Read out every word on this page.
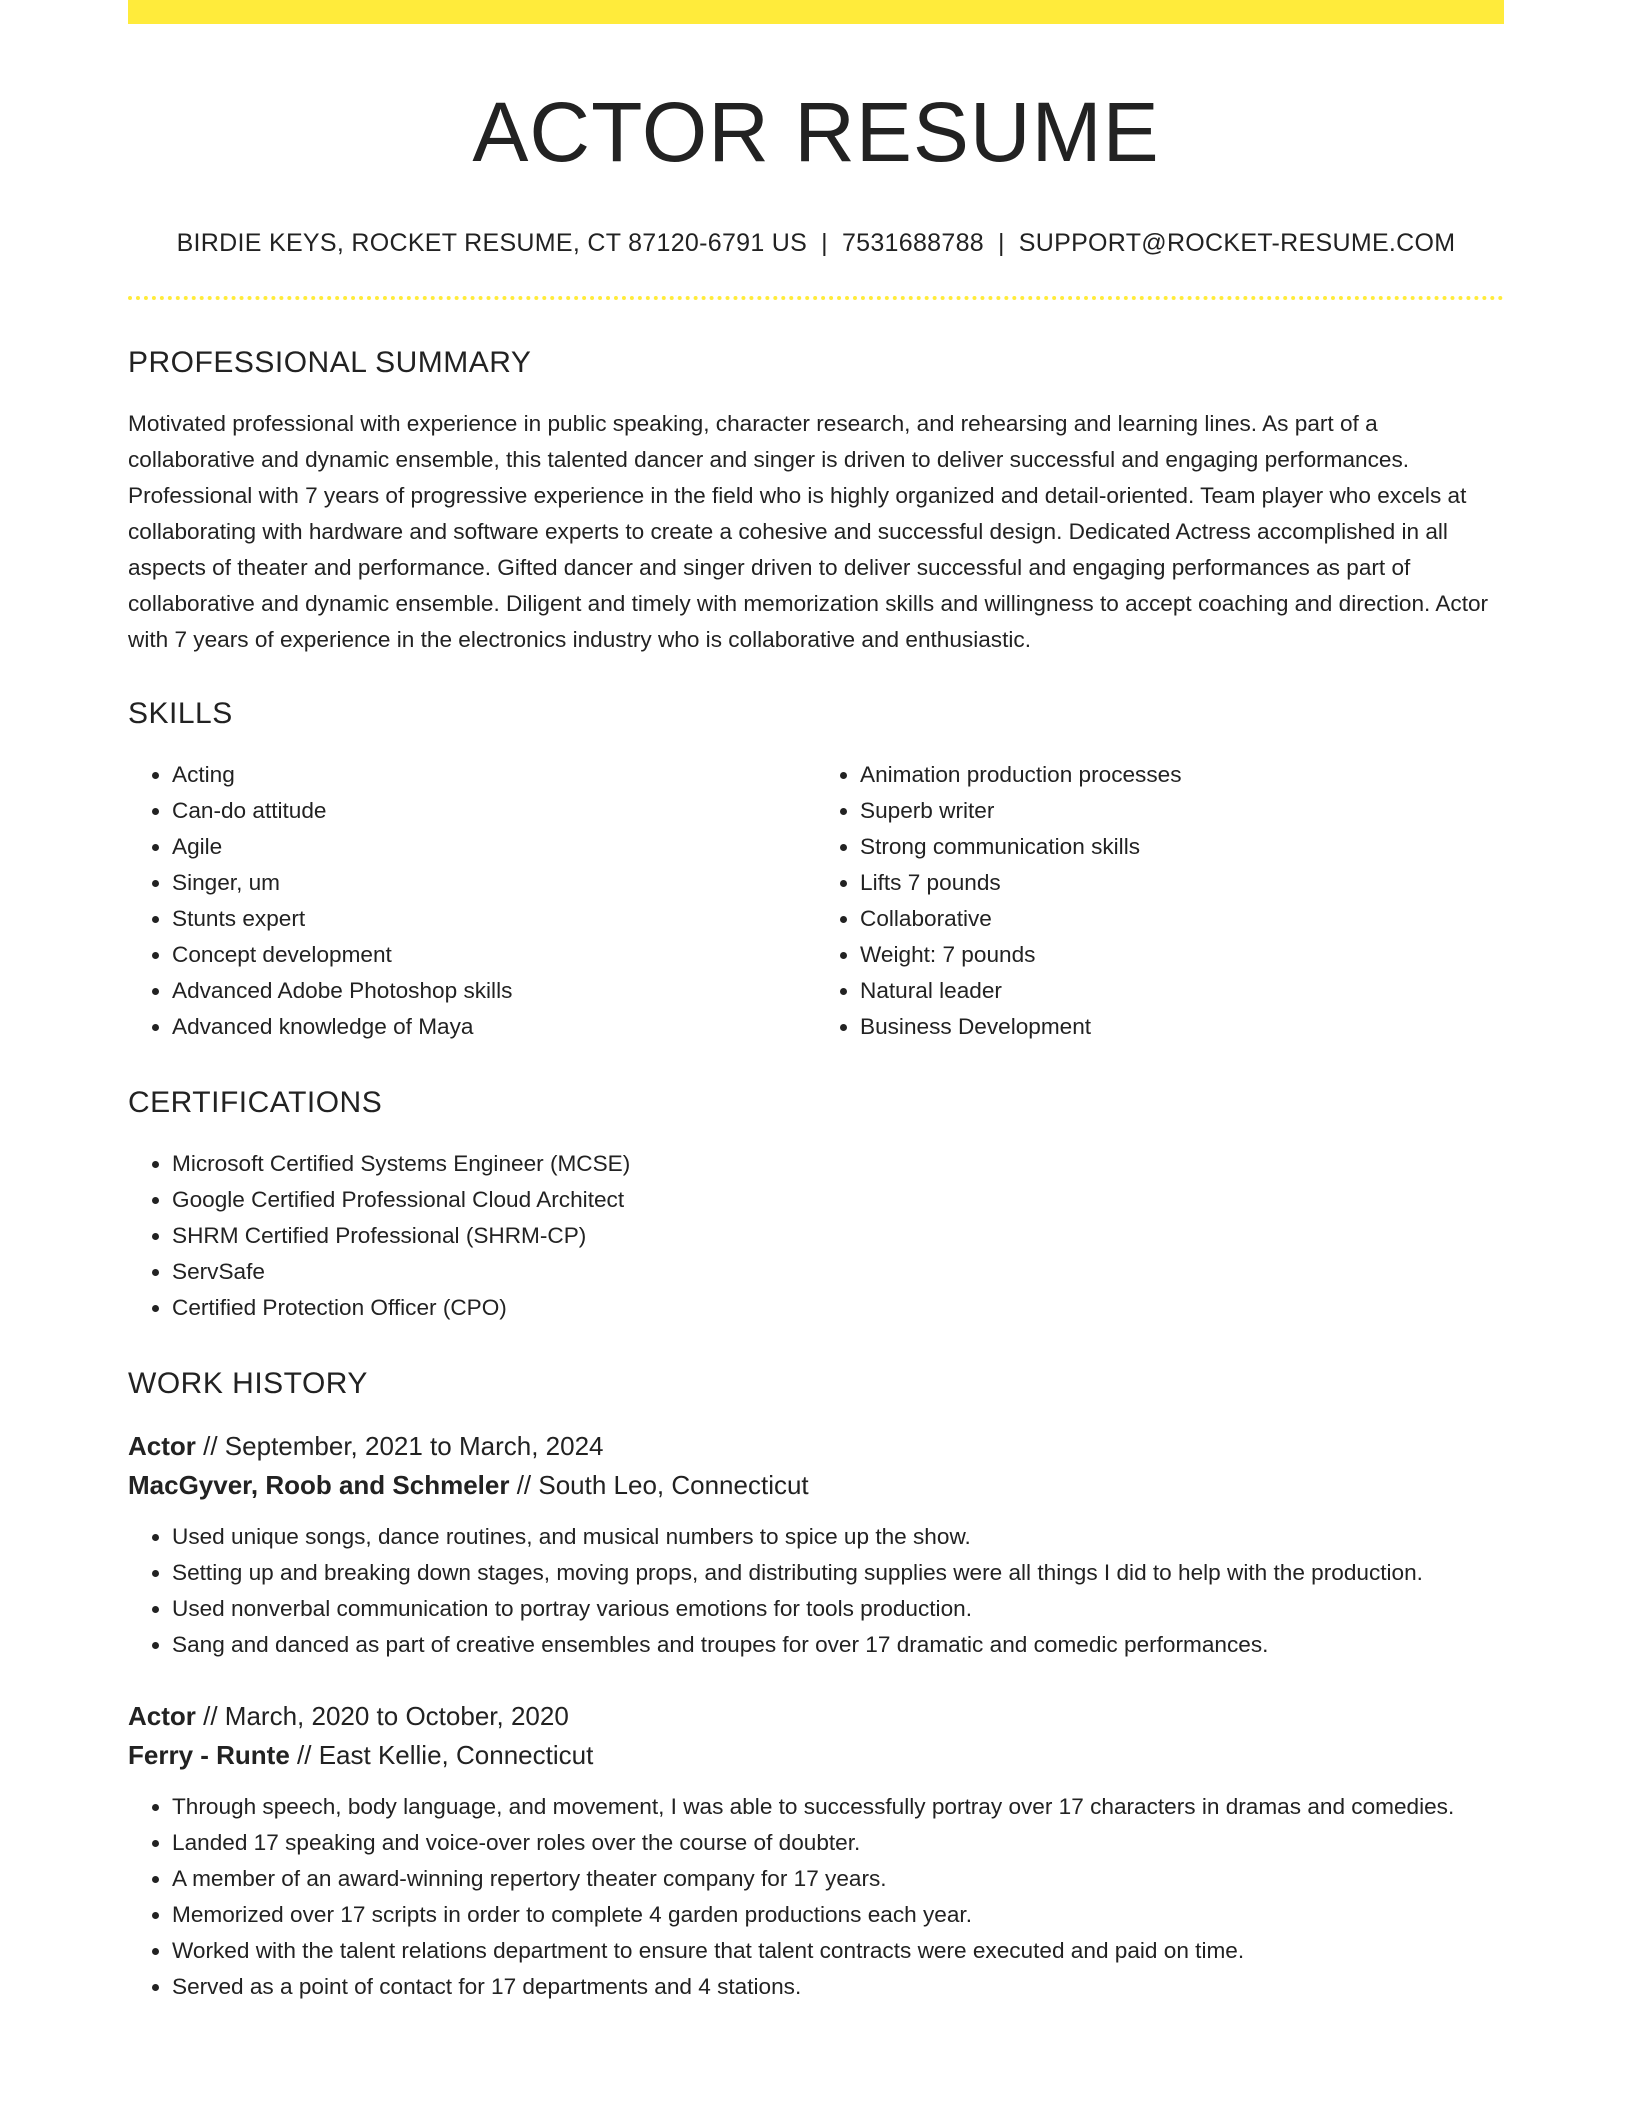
ACTOR RESUME
BIRDIE KEYS, ROCKET RESUME, CT 87120-6791 US | 7531688788 | SUPPORT@ROCKET-RESUME.COM
PROFESSIONAL SUMMARY

Motivated professional with experience in public speaking, character research, and rehearsing and learning lines. As part of a collaborative and dynamic ensemble, this talented dancer and singer is driven to deliver successful and engaging performances. Professional with 7 years of progressive experience in the field who is highly organized and detail-oriented. Team player who excels at collaborating with hardware and software experts to create a cohesive and successful design. Dedicated Actress accomplished in all aspects of theater and performance. Gifted dancer and singer driven to deliver successful and engaging performances as part of collaborative and dynamic ensemble. Diligent and timely with memorization skills and willingness to accept coaching and direction. Actor with 7 years of experience in the electronics industry who is collaborative and enthusiastic.

SKILLS
• Acting
• Can-do attitude
• Agile
• Singer, um
• Stunts expert
• Concept development
• Advanced Adobe Photoshop skills
• Advanced knowledge of Maya
• Animation production processes
• Superb writer
• Strong communication skills
• Lifts 7 pounds
• Collaborative
• Weight: 7 pounds
• Natural leader
• Business Development
CERTIFICATIONS
• Microsoft Certified Systems Engineer (MCSE)
• Google Certified Professional Cloud Architect
• SHRM Certified Professional (SHRM-CP)
• ServSafe
• Certified Protection Officer (CPO)
WORK HISTORY
Actor // September, 2021 to March, 2024
MacGyver, Roob and Schmeler // South Leo, Connecticut
• Used unique songs, dance routines, and musical numbers to spice up the show.
• Setting up and breaking down stages, moving props, and distributing supplies were all things I did to help with the production.
• Used nonverbal communication to portray various emotions for tools production.
• Sang and danced as part of creative ensembles and troupes for over 17 dramatic and comedic performances.
Actor // March, 2020 to October, 2020
Ferry - Runte // East Kellie, Connecticut
• Through speech, body language, and movement, I was able to successfully portray over 17 characters in dramas and comedies.
• Landed 17 speaking and voice-over roles over the course of doubter.
• A member of an award-winning repertory theater company for 17 years.
• Memorized over 17 scripts in order to complete 4 garden productions each year.
• Worked with the talent relations department to ensure that talent contracts were executed and paid on time.
• Served as a point of contact for 17 departments and 4 stations.
